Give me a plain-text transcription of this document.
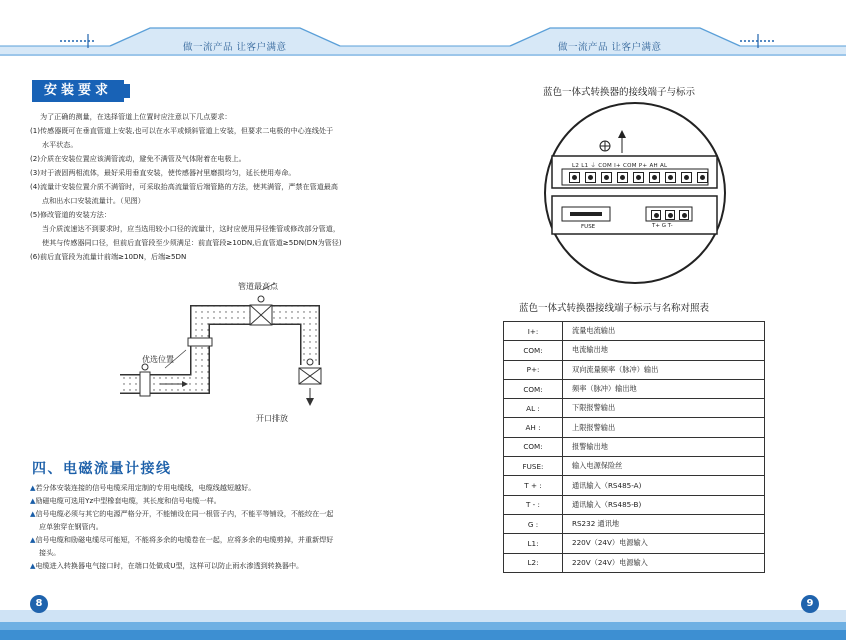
做一流产品 让客户满意	做一流产品 让客户满意
安装要求
为了正确的测量，在选择管道上位置时应注意以下几点要求：
(1)传感器既可在垂直管道上安装,也可以在水平或倾斜管道上安装，但要求二电极的中心连线处于
水平状态。
(2)介质在安装位置应该满管流动，避免不满管及气体附着在电极上。
(3)对于液固两相流体，最好采用垂直安装，使传感器衬里磨损均匀，延长使用寿命。
(4)流量计安装位置介质不满管时，可采取抬高流量管后端管路的方法，使其满管，严禁在管道最高
点和出水口安装流量计。（见图）
(5)修改管道的安装方法：
当介质流速达不到要求时，应当选用较小口径的流量计，这时应使用异径锥管或修改部分管道，
使其与传感器同口径，但前后直管段至少须满足：前直管段≥10DN,后直管道≥5DN(DN为管径)
(6)前后直管段为流量计前端≥10DN，后端≥5DN
管道最高点
优选位置
开口排放
四、电磁流量计接线
▲若分体安装连接的信号电缆采用定制的专用电缆线，电缆线越短越好。
▲励磁电缆可选用Yz中型橡套电缆，其长度和信号电缆一样。
▲信号电缆必须与其它的电源严格分开，不能铺设在同一根管子内，不能平等铺设，不能绞在一起
应单独穿在钢管内。
▲信号电缆和励磁电缆尽可能短，不能将多余的电缆卷在一起，应将多余的电缆剪掉，并重新焊好
接头。
▲电缆进入转换器电气接口时，在端口处做成U型，这样可以防止雨水渗透到转换器中。
蓝色一体式转换器的接线端子与标示
L2 L1 ⏚ COM I+ COM P+ AH AL
FUSE	T+ G T-
蓝色一体式转换器接线端子标示与名称对照表
I+:	流量电流输出
COM:	电流输出地
P+:	双向流量频率（脉冲）输出
COM:	频率（脉冲）输出地
AL :	下限报警输出
AH :	上限报警输出
COM:	报警输出地
FUSE:	输入电源保险丝
T + :	通讯输入（RS485-A)
T - :	通讯输入（RS485-B)
G :	RS232 通讯地
L1:	220V（24V）电源输入
L2:	220V（24V）电源输入
8	9
